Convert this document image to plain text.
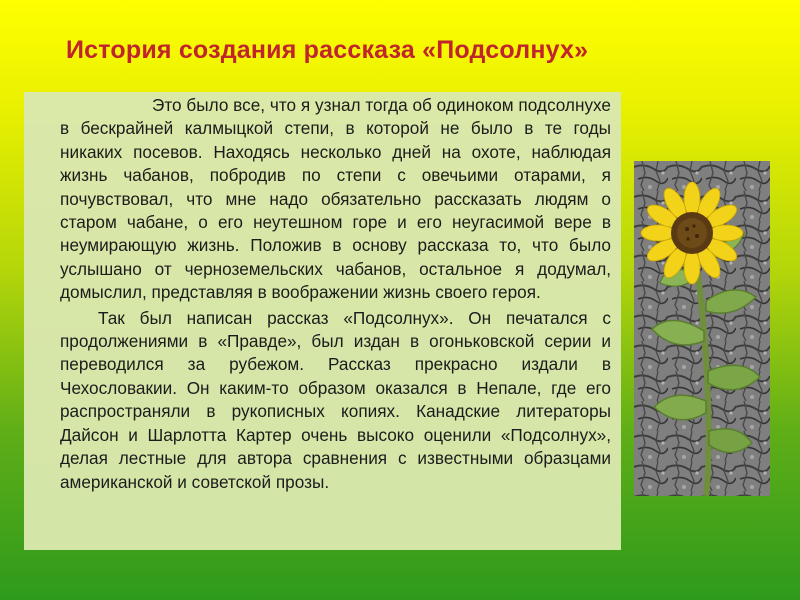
История создания рассказа «Подсолнух»

Это было все, что я узнал тогда об одиноком подсолнухе в бескрайней калмыцкой степи, в которой не было в те годы никаких посевов. Находясь несколько дней на охоте, наблюдая жизнь чабанов, побродив по степи с овечьими отарами, я почувствовал, что мне надо обязательно рассказать людям о старом чабане, о его неутешном горе и его неугасимой вере в неумирающую жизнь. Положив в основу рассказа то, что было услышано от черноземельских чабанов, остальное я додумал, домыслил, представляя в воображении жизнь своего героя.

Так был написан рассказ «Подсолнух». Он печатался с продолжениями в «Правде», был издан в огоньковской серии и переводился за рубежом. Рассказ прекрасно издали в Чехословакии. Он каким-то образом оказался в Непале, где его распространяли в рукописных копиях. Канадские литераторы Дайсон и Шарлотта Картер очень высоко оценили «Подсолнух», делая лестные для автора сравнения с известными образцами американской и советской прозы.
